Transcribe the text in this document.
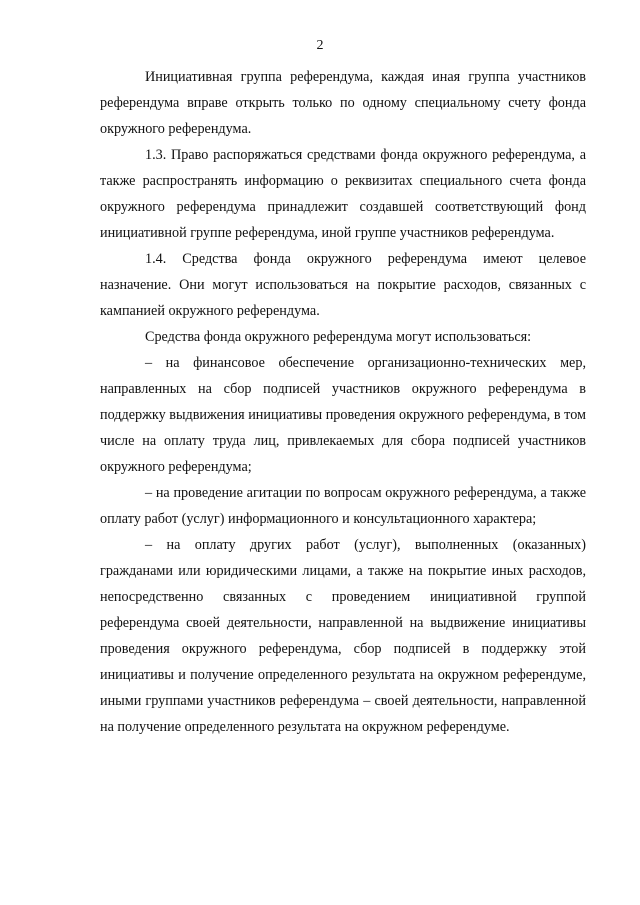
2

Инициативная группа референдума, каждая иная группа участников референдума вправе открыть только по одному специальному счету фонда окружного референдума.

1.3. Право распоряжаться средствами фонда окружного референдума, а также распространять информацию о реквизитах специального счета фонда окружного референдума принадлежит создавшей соответствующий фонд инициативной группе референдума, иной группе участников референдума.

1.4. Средства фонда окружного референдума имеют целевое назначение. Они могут использоваться на покрытие расходов, связанных с кампанией окружного референдума.

Средства фонда окружного референдума могут использоваться:

– на финансовое обеспечение организационно-технических мер, направленных на сбор подписей участников окружного референдума в поддержку выдвижения инициативы проведения окружного референдума, в том числе на оплату труда лиц, привлекаемых для сбора подписей участников окружного референдума;

– на проведение агитации по вопросам окружного референдума, а также оплату работ (услуг) информационного и консультационного характера;

– на оплату других работ (услуг), выполненных (оказанных) гражданами или юридическими лицами, а также на покрытие иных расходов, непосредственно связанных с проведением инициативной группой референдума своей деятельности, направленной на выдвижение инициативы проведения окружного референдума, сбор подписей в поддержку этой инициативы и получение определенного результата на окружном референдуме, иными группами участников референдума – своей деятельности, направленной на получение определенного результата на окружном референдуме.
